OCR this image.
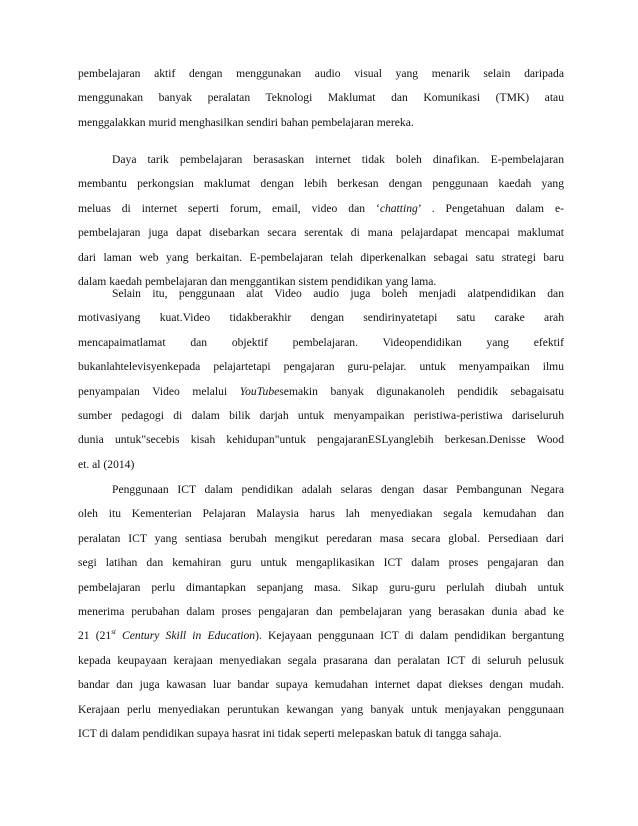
pembelajaran aktif dengan menggunakan audio visual yang menarik selain daripada
menggunakan banyak peralatan Teknologi Maklumat dan Komunikasi (TMK) atau
menggalakkan murid menghasilkan sendiri bahan pembelajaran mereka.
Daya tarik pembelajaran berasaskan internet tidak boleh dinafikan. E-pembelajaran
membantu perkongsian maklumat dengan lebih berkesan dengan penggunaan kaedah yang
meluas di internet seperti forum, email, video dan ‘chatting’ . Pengetahuan dalam e-
pembelajaran juga dapat disebarkan secara serentak di mana pelajardapat mencapai maklumat
dari laman web yang berkaitan. E-pembelajaran telah diperkenalkan sebagai satu strategi baru
dalam kaedah pembelajaran dan menggantikan sistem pendidikan yang lama.
Selain itu, penggunaan alat Video audio juga boleh menjadi alatpendidikan dan
motivasiyang kuat.Video tidakberakhir dengan sendirinyatetapi satu carake arah
mencapaimatlamat dan objektif pembelajaran. Videopendidikan yang efektif
bukanlahtelevisyenkepada pelajartetapi pengajaran guru-pelajar. untuk menyampaikan ilmu
penyampaian Video melalui YouTubesemakin banyak digunakanoleh pendidik sebagaisatu
sumber pedagogi di dalam bilik darjah untuk menyampaikan peristiwa-peristiwa dariseluruh
dunia untuk"secebis kisah kehidupan"untuk pengajaranESLyanglebih berkesan.Denisse Wood
et. al (2014)
Penggunaan ICT dalam pendidikan adalah selaras dengan dasar Pembangunan Negara
oleh itu Kementerian Pelajaran Malaysia harus lah menyediakan segala kemudahan dan
peralatan ICT yang sentiasa berubah mengikut peredaran masa secara global. Persediaan dari
segi latihan dan kemahiran guru untuk mengaplikasikan ICT dalam proses pengajaran dan
pembelajaran perlu dimantapkan sepanjang masa. Sikap guru-guru perlulah diubah untuk
menerima perubahan dalam proses pengajaran dan pembelajaran yang berasakan dunia abad ke
21 (21st Century Skill in Education). Kejayaan penggunaan ICT di dalam pendidikan bergantung
kepada keupayaan kerajaan menyediakan segala prasarana dan peralatan ICT di seluruh pelusuk
bandar dan juga kawasan luar bandar supaya kemudahan internet dapat diekses dengan mudah.
Kerajaan perlu menyediakan peruntukan kewangan yang banyak untuk menjayakan penggunaan
ICT di dalam pendidikan supaya hasrat ini tidak seperti melepaskan batuk di tangga sahaja.
